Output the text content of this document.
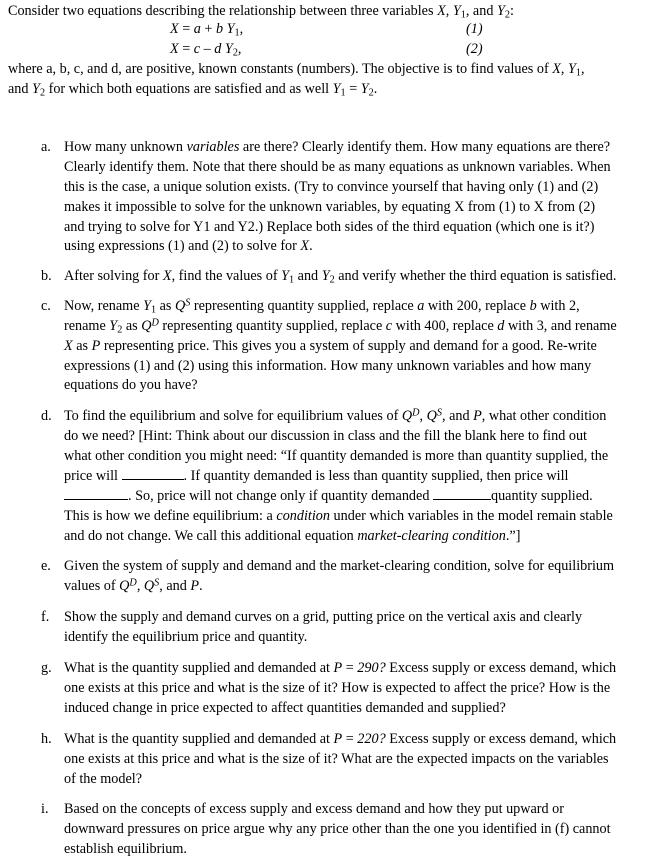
Consider two equations describing the relationship between three variables X, $Y_1$, and $Y_2$:
X = a + b $Y_1$,	(1)
X = c – d $Y_2$,	(2)
where a, b, c, and d, are positive, known constants (numbers). The objective is to find values of X, $Y_1$,
and $Y_2$ for which both equations are satisfied and as well $Y_1 = Y_2$.
a. How many unknown variables are there? Clearly identify them. How many equations are there?
Clearly identify them. Note that there should be as many equations as unknown variables. When
this is the case, a unique solution exists. (Try to convince yourself that having only (1) and (2)
makes it impossible to solve for the unknown variables, by equating X from (1) to X from (2)
and trying to solve for Y1 and Y2.) Replace both sides of the third equation (which one is it?)
using expressions (1) and (2) to solve for X.
b. After solving for X, find the values of $Y_1$ and $Y_2$ and verify whether the third equation is satisfied.
c. Now, rename $Y_1$ as $Q^S$ representing quantity supplied, replace a with 200, replace b with 2,
rename $Y_2$ as $Q^D$ representing quantity supplied, replace c with 400, replace d with 3, and rename
X as P representing price. This gives you a system of supply and demand for a good. Re-write
expressions (1) and (2) using this information. How many unknown variables and how many
equations do you have?
d. To find the equilibrium and solve for equilibrium values of $Q^D$, $Q^S$, and P, what other condition
do we need? [Hint: Think about our discussion in class and the fill the blank here to find out
what other condition you might need: “If quantity demanded is more than quantity supplied, the
price will	. If quantity demanded is less than quantity supplied, then price will
. So, price will not change only if quantity demanded	quantity supplied.
This is how we define equilibrium: a condition under which variables in the model remain stable
and do not change. We call this additional equation market-clearing condition.”]
e. Given the system of supply and demand and the market-clearing condition, solve for equilibrium
values of $Q^D$, $Q^S$, and P.
f. Show the supply and demand curves on a grid, putting price on the vertical axis and clearly
identify the equilibrium price and quantity.
g. What is the quantity supplied and demanded at P = 290? Excess supply or excess demand, which
one exists at this price and what is the size of it? How is expected to affect the price? How is the
induced change in price expected to affect quantities demanded and supplied?
h. What is the quantity supplied and demanded at P = 220? Excess supply or excess demand, which
one exists at this price and what is the size of it? What are the expected impacts on the variables
of the model?
i. Based on the concepts of excess supply and excess demand and how they put upward or
downward pressures on price argue why any price other than the one you identified in (f) cannot
establish equilibrium.
